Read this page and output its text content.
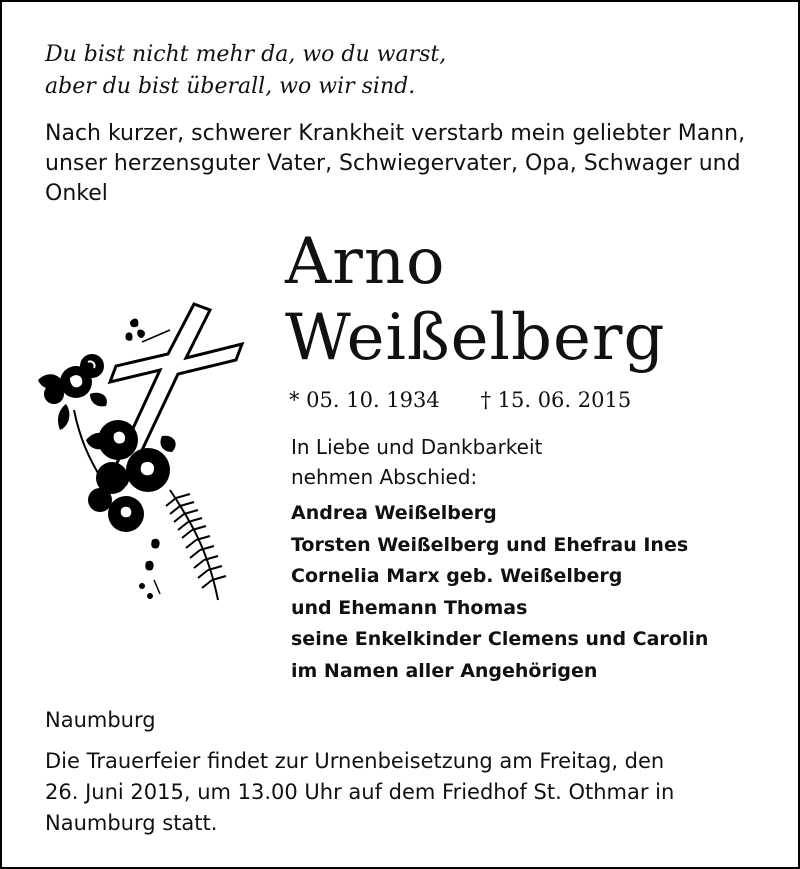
Du bist nicht mehr da, wo du warst,
aber du bist überall, wo wir sind.
Nach kurzer, schwerer Krankheit verstarb mein geliebter Mann,
unser herzensguter Vater, Schwiegervater, Opa, Schwager und
Onkel
Arno
Weißelberg
* 05. 10. 1934 † 15. 06. 2015
In Liebe und Dankbarkeit
nehmen Abschied:
Andrea Weißelberg
Torsten Weißelberg und Ehefrau Ines
Cornelia Marx geb. Weißelberg
und Ehemann Thomas
seine Enkelkinder Clemens und Carolin
im Namen aller Angehörigen
Naumburg
Die Trauerfeier findet zur Urnenbeisetzung am Freitag, den
26. Juni 2015, um 13.00 Uhr auf dem Friedhof St. Othmar in
Naumburg statt.
